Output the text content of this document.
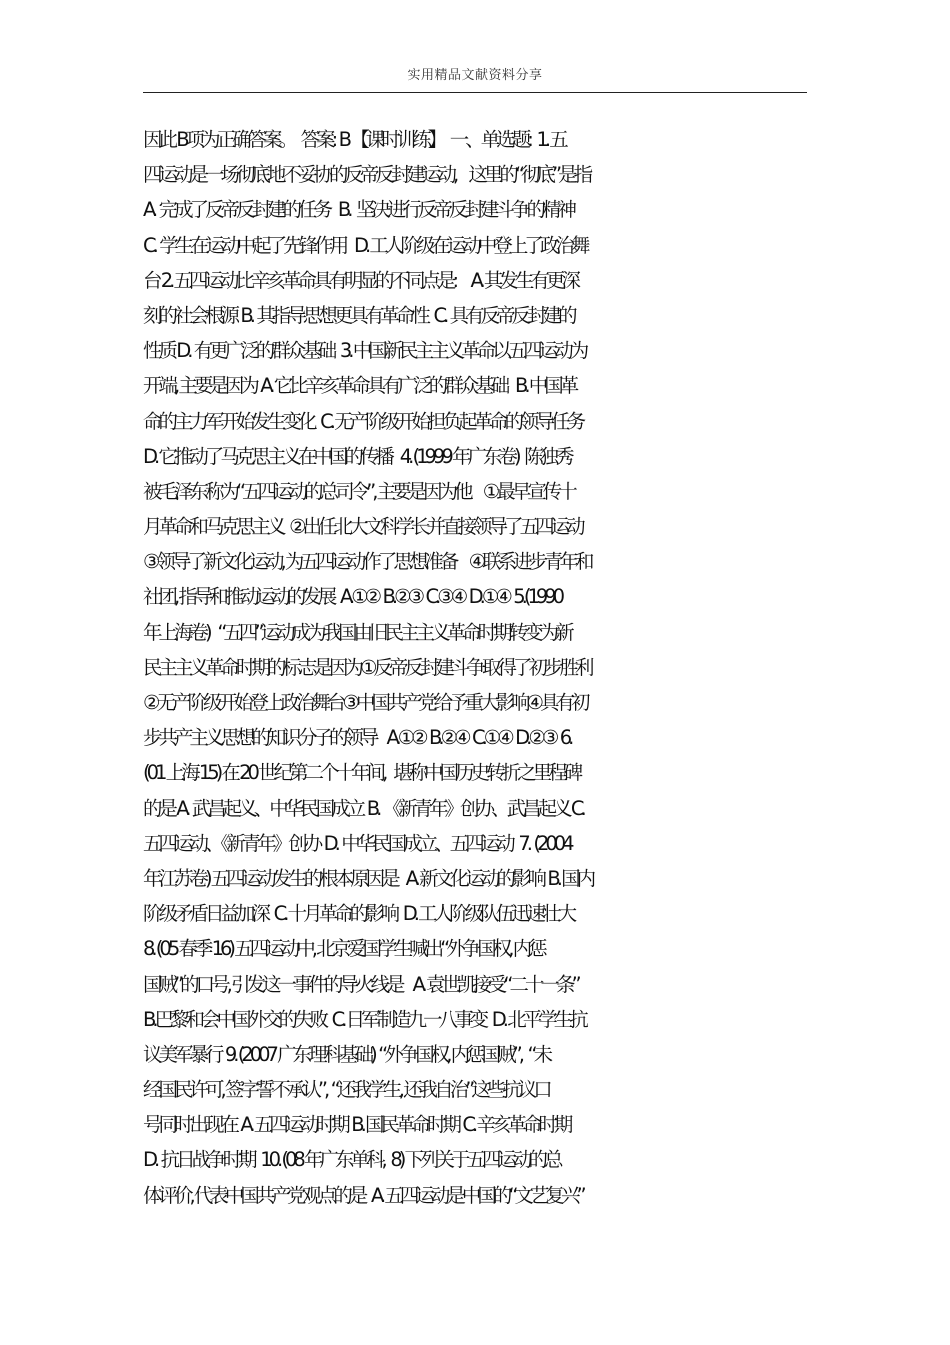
实用精品文献资料分享
因此 B项为正确答案。   答案:  B 【课时训练】   一、单选题:   1. 五
四运动是一场彻底地不妥协的反帝反封建运动,      这里的“彻底”是指
A.  完成了反帝反封建的任务    B.   坚决进行反帝反封建斗争的精神
C.  学生在运动中起了先锋作用    D. 工人阶级在运动中登上了政治舞
台 2. 五四运动比辛亥革命具有明显的不同点是:       A. 其发生有更深
刻的社会根源  B.  其指导思想更具有革命性   C.  具有反帝反封建的
性质 D.  有更广泛的群众基础   3. 中国新民主主义革命以五四运动为
开端, 主要是因为  A. 它比辛亥革命具有广泛的群众基础    B. 中国革
命的主力军开始发生变化   C. 无产阶级开始担负起革命的领导任务
D. 它推动了马克思主义在中国的传播    4. (1999 年广东卷)   陈独秀
被毛泽东称为“五四运动的总司令”, 主要是因为他      ①最早宣传十
月革命和马克思主义   ②出任北大文科学长并直接领导了五四运动
③领导了新文化运动, 为五四运动作了思想准备      ④联系进步青年和
社团, 指导和推动运动的发展   A.①②  B.②③  C.③④  D.①④  5.(1990
年上海卷)    “五四”运动成为我国由旧民主主义革命时期转变为新
民主主义革命时期的标志是因为①反帝反封建斗争取得了初步胜利
②无产阶级开始登上政治舞台③中国共产党给予重大影响④具有初
步共产主义思想的知识分子的领导     A.①②  B.②④  C.①④  D.②③  6.
(01 上海 15) 在 20 世纪第二个十年间,    堪称中国历史转折之里程碑
的是 A.  武昌起义、中华民国成立  B.  《新青年》创办、武昌起义 C.
五四运动、《新青年》创办  D.  中华民国成立、五四运动   7.  (2004
年江苏卷) 五四运动发生的根本原因是    A. 新文化运动的影响  B. 国内
阶级矛盾日益加深   C. 十月革命的影响   D. 工人阶级队伍迅速壮大
8. (05 春季 16) 五四运动中, 北京爱国学生喊出“外争国权, 内惩
国贼”的口号, 引发这一事件的导火线是     A. 袁世凯接受“二十一条”
B.巴黎和会中国外交的失败   C. 日军制造九一八事变   D. 北平学生抗
议美军暴行  9. (2007 广东理科基础)  “外争国权, 内惩国贼”,   “未
经国民许可, 签字誓不承认”,  “还我学生, 还我自治”这些抗议口
号同时出现在  A. 五四运动时期  B. 国民革命时期  C. 辛亥革命时期
D.  抗日战争时期   10. (08 年广东单科,   8) 下列关于五四运动的总
体评价, 代表中国共产党观点的是   A. 五四运动是中国的“文艺复兴”
